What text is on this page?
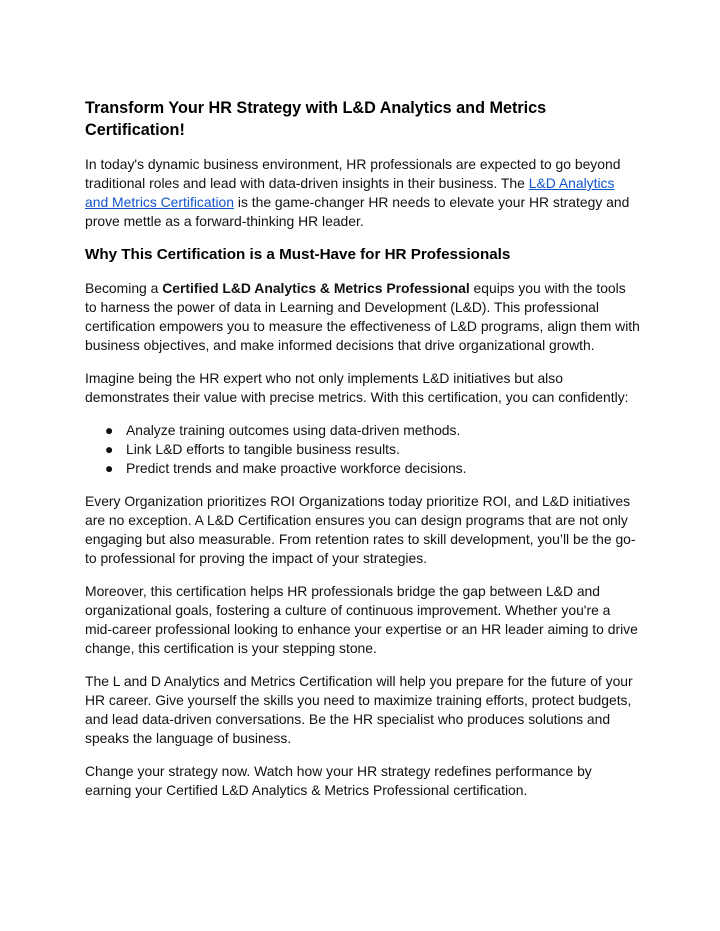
Transform Your HR Strategy with L&D Analytics and Metrics Certification!

In today's dynamic business environment, HR professionals are expected to go beyond traditional roles and lead with data-driven insights in their business. The L&D Analytics and Metrics Certification is the game-changer HR needs to elevate your HR strategy and prove mettle as a forward-thinking HR leader.

Why This Certification is a Must-Have for HR Professionals

Becoming a Certified L&D Analytics & Metrics Professional equips you with the tools to harness the power of data in Learning and Development (L&D). This professional certification empowers you to measure the effectiveness of L&D programs, align them with business objectives, and make informed decisions that drive organizational growth.

Imagine being the HR expert who not only implements L&D initiatives but also demonstrates their value with precise metrics. With this certification, you can confidently:

● Analyze training outcomes using data-driven methods.
● Link L&D efforts to tangible business results.
● Predict trends and make proactive workforce decisions.

Every Organization prioritizes ROI Organizations today prioritize ROI, and L&D initiatives are no exception. A L&D Certification ensures you can design programs that are not only engaging but also measurable. From retention rates to skill development, you’ll be the go-to professional for proving the impact of your strategies.

Moreover, this certification helps HR professionals bridge the gap between L&D and organizational goals, fostering a culture of continuous improvement. Whether you're a mid-career professional looking to enhance your expertise or an HR leader aiming to drive change, this certification is your stepping stone.

The L and D Analytics and Metrics Certification will help you prepare for the future of your HR career. Give yourself the skills you need to maximize training efforts, protect budgets, and lead data-driven conversations. Be the HR specialist who produces solutions and speaks the language of business.

Change your strategy now. Watch how your HR strategy redefines performance by earning your Certified L&D Analytics & Metrics Professional certification.
